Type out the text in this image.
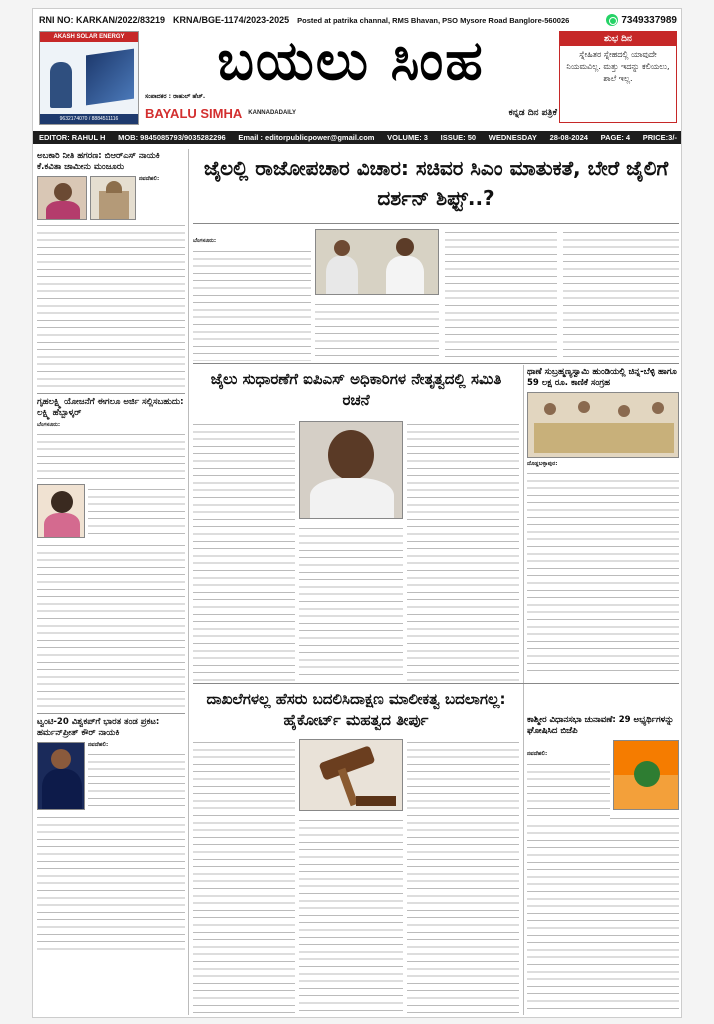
RNI NO: KARKAN/2022/83219 KRNA/BGE-1174/2023-2025 Posted at patrika channal, RMS Bhavan, PSO Mysore Road Banglore-560026	7349337989
AKASH SOLAR ENERGY
9632174070 / 8884511116
ಬಯಲು ಸಿಂಹ
ಸಂಪಾದಕರ : ರಾಹುಲ್ ಹೆಚ್.
BAYALU SIMHA KANNADADAILY	ಕನ್ನಡ ದಿನ ಪತ್ರಿಕೆ
ಶುಭ ದಿನ
ಸ್ನೇಹಿತರ ಸ್ನೇಹದಲ್ಲಿ ಯಾವುದೇ ನಿಯಮವಿಲ್ಲ. ಮತ್ತು ಇದನ್ನು ಕಲಿಯಲು, ಶಾಲೆ ಇಲ್ಲ.
EDITOR: RAHUL H MOB: 9845085793/9035282296 Email : editorpublicpower@gmail.com VOLUME: 3 ISSUE: 50 WEDNESDAY 28-08-2024 PAGE: 4 PRICE:3/-
ಅಬಕಾರಿ ನೀತಿ ಹಗರಣ: ಬಿಆರ್‌ಎಸ್ ನಾಯಕಿ ಕೆ.ಕವಿತಾ ಜಾಮೀನು ಮಂಜೂರು
ನವದೆಹಲಿ:
ಗೃಹಲಕ್ಷ್ಮಿ ಯೋಜನೆಗೆ ಈಗಲೂ ಅರ್ಜಿ ಸಲ್ಲಿಸಬಹುದು: ಲಕ್ಷ್ಮಿ ಹೆಬ್ಬಾಳ್ಕರ್
ಬೆಂಗಳೂರು:
ಟ್ವಂಟಿ-20 ವಿಶ್ವಕಪ್‌ಗೆ ಭಾರತ ತಂಡ ಪ್ರಕಟ: ಹರ್ಮನ್‌ಪ್ರೀತ್ ಕೌರ್ ನಾಯಕಿ
ನವದೆಹಲಿ:
ಜೈಲಲ್ಲಿ ರಾಜೋಪಚಾರ ವಿಚಾರ: ಸಚಿವರ ಸಿಎಂ ಮಾತುಕತೆ, ಬೇರೆ ಜೈಲಿಗೆ ದರ್ಶನ್ ಶಿಫ್ಟ್..?
ಬೆಂಗಳೂರು:
ಜೈಲು ಸುಧಾರಣೆಗೆ ಐಪಿಎಸ್ ಅಧಿಕಾರಿಗಳ ನೇತೃತ್ವದಲ್ಲಿ ಸಮಿತಿ ರಚನೆ
ಥಾಣೆ ಸುಬ್ರಹ್ಮಣ್ಯಸ್ವಾಮಿ ಹುಂಡಿಯಲ್ಲಿ ಚಿನ್ನ-ಬೆಳ್ಳಿ ಹಾಗೂ 59 ಲಕ್ಷ ರೂ. ಕಾಣಿಕೆ ಸಂಗ್ರಹ
ದೊಡ್ಡಬಳ್ಳಾಪುರ:
ದಾಖಲೆಗಳಲ್ಲ ಹೆಸರು ಬದಲಿಸಿದಾಕ್ಷಣ ಮಾಲೀಕತ್ವ ಬದಲಾಗಲ್ಲ: ಹೈಕೋರ್ಟ್ ಮಹತ್ವದ ತೀರ್ಪು	ಕಾಶ್ಮೀರ ವಿಧಾನಸಭಾ ಚುನಾವಣೆ: 29 ಅಭ್ಯರ್ಥಿಗಳನ್ನು ಘೋಷಿಸಿದ ಬಿಜೆಪಿ
ನವದೆಹಲಿ:
